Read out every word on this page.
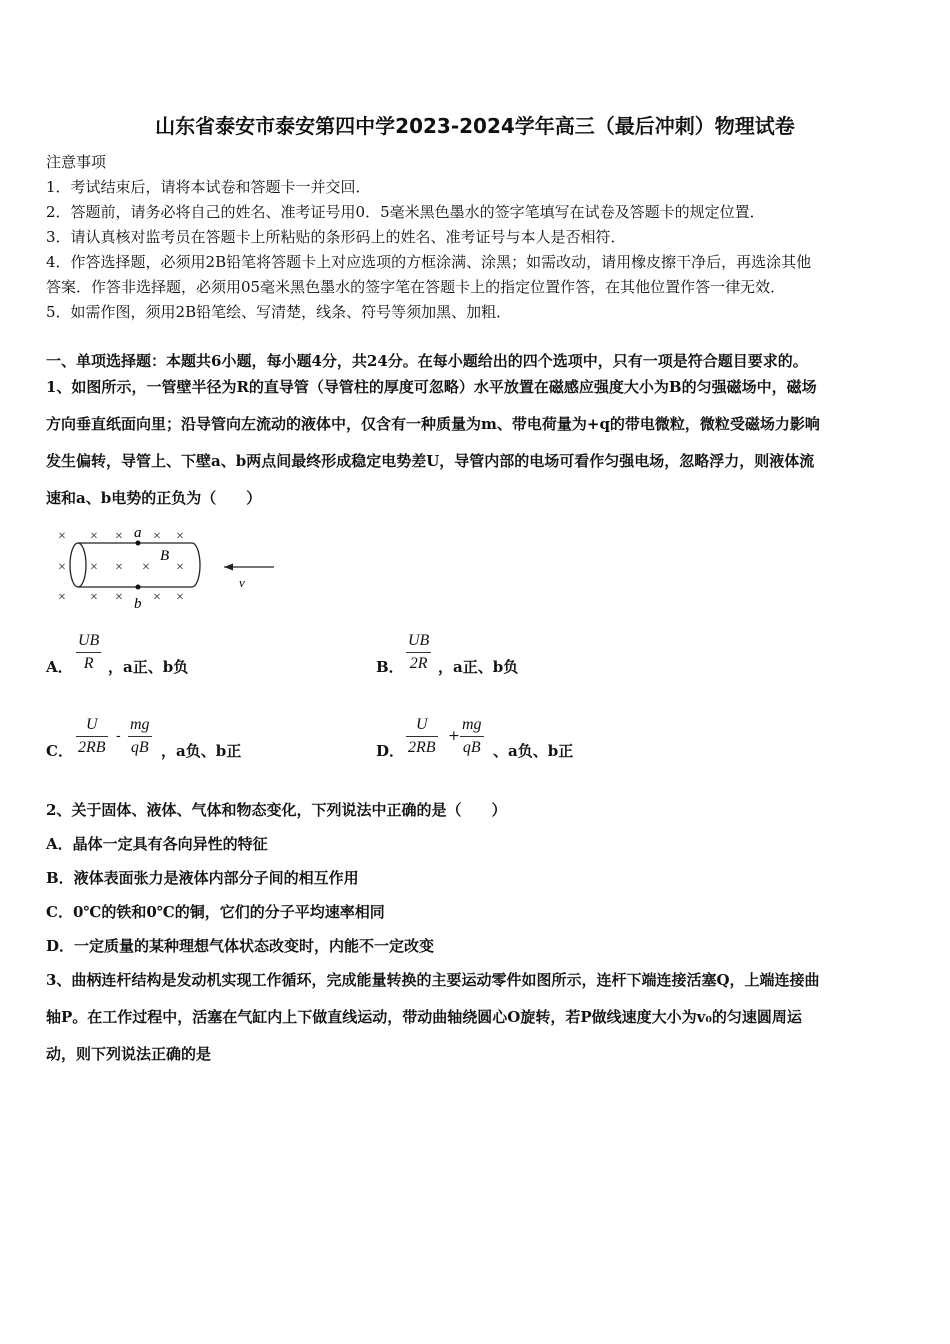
山东省泰安市泰安第四中学2023-2024学年高三（最后冲刺）物理试卷
注意事项
1．考试结束后，请将本试卷和答题卡一并交回．
2．答题前，请务必将自己的姓名、准考证号用0．5毫米黑色墨水的签字笔填写在试卷及答题卡的规定位置．
3．请认真核对监考员在答题卡上所粘贴的条形码上的姓名、准考证号与本人是否相符．
4．作答选择题，必须用2B铅笔将答题卡上对应选项的方框涂满、涂黑；如需改动，请用橡皮擦干净后，再选涂其他
答案．作答非选择题，必须用05毫米黑色墨水的签字笔在答题卡上的指定位置作答，在其他位置作答一律无效．
5．如需作图，须用2B铅笔绘、写清楚，线条、符号等须加黑、加粗．
一、单项选择题：本题共6小题，每小题4分，共24分。在每小题给出的四个选项中，只有一项是符合题目要求的。
1、如图所示，一管壁半径为R的直导管（导管柱的厚度可忽略）水平放置在磁感应强度大小为B的匀强磁场中，磁场
方向垂直纸面向里；沿导管向左流动的液体中，仅含有一种质量为m、带电荷量为+q的带电微粒，微粒受磁场力影响
发生偏转，导管上、下壁a、b两点间最终形成稳定电势差U，导管内部的电场可看作匀强电场，忽略浮力，则液体流
速和a、b电势的正负为（　　）
× × × × ×
× × × × ×
× × × × ×
a
b
B
v
A． $\frac{UB}{R}$ ，a正、b负	B． $\frac{UB}{2R}$ ，a正、b负
C． $\frac{U}{2RB} - \frac{mg}{qB}$ ，a负、b正	D． $\frac{U}{2RB} + \frac{mg}{qB}$ 、a负、b正
2、关于固体、液体、气体和物态变化，下列说法中正确的是（　　）
A．晶体一定具有各向异性的特征
B．液体表面张力是液体内部分子间的相互作用
C．0℃的铁和0℃的铜，它们的分子平均速率相同
D．一定质量的某种理想气体状态改变时，内能不一定改变
3、曲柄连杆结构是发动机实现工作循环，完成能量转换的主要运动零件如图所示，连杆下端连接活塞Q，上端连接曲
轴P。在工作过程中，活塞在气缸内上下做直线运动，带动曲轴绕圆心O旋转，若P做线速度大小为v₀的匀速圆周运
动，则下列说法正确的是
